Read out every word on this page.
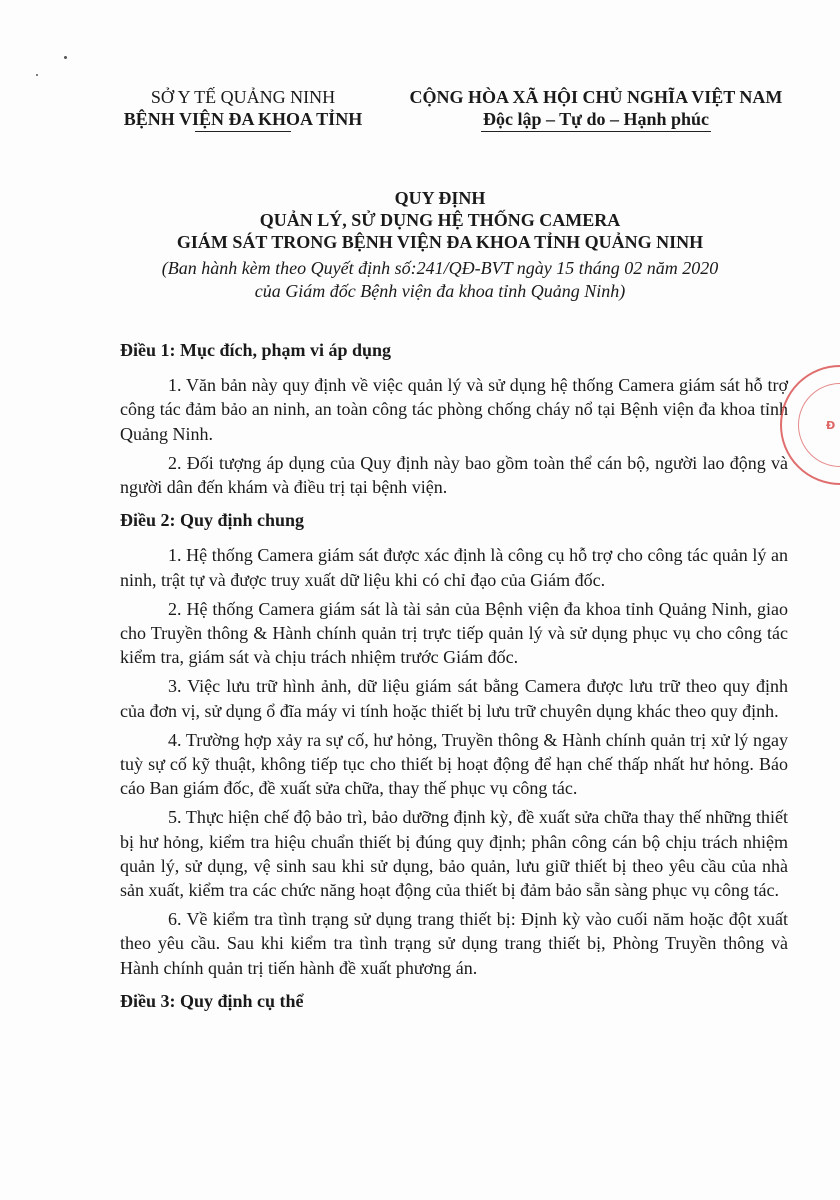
SỞ Y TẾ QUẢNG NINH
BỆNH VIỆN ĐA KHOA TỈNH
CỘNG HÒA XÃ HỘI CHỦ NGHĨA VIỆT NAM
Độc lập – Tự do – Hạnh phúc
QUY ĐỊNH
QUẢN LÝ, SỬ DỤNG HỆ THỐNG CAMERA
GIÁM SÁT TRONG BỆNH VIỆN ĐA KHOA TỈNH QUẢNG NINH
(Ban hành kèm theo Quyết định số:241/QĐ-BVT ngày 15 tháng 02 năm 2020
của Giám đốc Bệnh viện đa khoa tỉnh Quảng Ninh)
Điều 1: Mục đích, phạm vi áp dụng

1. Văn bản này quy định về việc quản lý và sử dụng hệ thống Camera giám sát hỗ trợ công tác đảm bảo an ninh, an toàn công tác phòng chống cháy nổ tại Bệnh viện đa khoa tỉnh Quảng Ninh.

2. Đối tượng áp dụng của Quy định này bao gồm toàn thể cán bộ, người lao động và người dân đến khám và điều trị tại bệnh viện.

Điều 2: Quy định chung

1. Hệ thống Camera giám sát được xác định là công cụ hỗ trợ cho công tác quản lý an ninh, trật tự và được truy xuất dữ liệu khi có chỉ đạo của Giám đốc.

2. Hệ thống Camera giám sát là tài sản của Bệnh viện đa khoa tỉnh Quảng Ninh, giao cho Truyền thông & Hành chính quản trị trực tiếp quản lý và sử dụng phục vụ cho công tác kiểm tra, giám sát và chịu trách nhiệm trước Giám đốc.

3. Việc lưu trữ hình ảnh, dữ liệu giám sát bằng Camera được lưu trữ theo quy định của đơn vị, sử dụng ổ đĩa máy vi tính hoặc thiết bị lưu trữ chuyên dụng khác theo quy định.

4. Trường hợp xảy ra sự cố, hư hỏng, Truyền thông & Hành chính quản trị xử lý ngay tuỳ sự cố kỹ thuật, không tiếp tục cho thiết bị hoạt động để hạn chế thấp nhất hư hỏng. Báo cáo Ban giám đốc, đề xuất sửa chữa, thay thế phục vụ công tác.

5. Thực hiện chế độ bảo trì, bảo dưỡng định kỳ, đề xuất sửa chữa thay thế những thiết bị hư hỏng, kiểm tra hiệu chuẩn thiết bị đúng quy định; phân công cán bộ chịu trách nhiệm quản lý, sử dụng, vệ sinh sau khi sử dụng, bảo quản, lưu giữ thiết bị theo yêu cầu của nhà sản xuất, kiểm tra các chức năng hoạt động của thiết bị đảm bảo sẵn sàng phục vụ công tác.

6. Về kiểm tra tình trạng sử dụng trang thiết bị: Định kỳ vào cuối năm hoặc đột xuất theo yêu cầu. Sau khi kiểm tra tình trạng sử dụng trang thiết bị, Phòng Truyền thông và Hành chính quản trị tiến hành đề xuất phương án.

Điều 3: Quy định cụ thể
Đ
